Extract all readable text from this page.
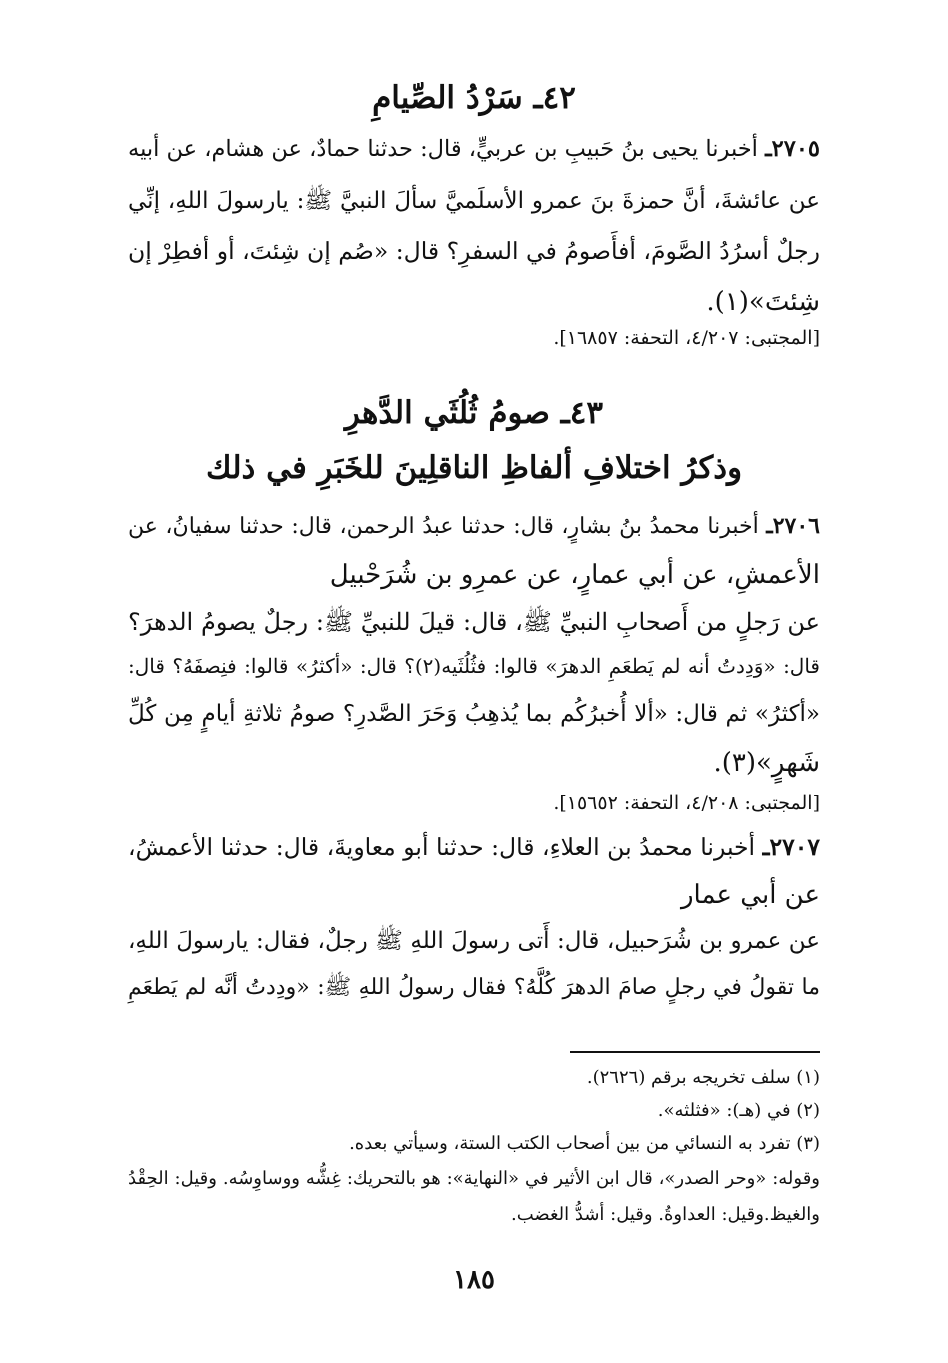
٤٢ـ سَرْدُ الصِّيامِ
٢٧٠٥ـ أخبرنا يحيى بنُ حَبيبِ بن عربيٍّ، قال: حدثنا حمادٌ، عن هشام، عن أبيه
عن عائشةَ، أنَّ حمزةَ بنَ عمرو الأسلَميَّ سألَ النبيَّ ﷺ: يارسولَ اللهِ، إنِّي
رجلٌ أسرُدُ الصَّومَ، أفأَصومُ في السفرِ؟ قال: «صُم إن شِئتَ، أو أفطِرْ إن
شِئتَ»(١).
[المجتبى: ٤/٢٠٧، التحفة: ١٦٨٥٧].
٤٣ـ صومُ ثُلُثَي الدَّهرِ
وذكرُ اختلافِ ألفاظِ الناقلِينَ للخَبَرِ في ذلك
٢٧٠٦ـ أخبرنا محمدُ بنُ بشارٍ، قال: حدثنا عبدُ الرحمن، قال: حدثنا سفيانُ، عن
الأعمشِ، عن أبي عمارٍ، عن عمرِو بن شُرَحْبيل
عن رَجلٍ من أَصحابِ النبيِّ ﷺ، قال: قيلَ للنبيِّ ﷺ: رجلٌ يصومُ الدهرَ؟
قال: «وَدِدتُ أنه لم يَطعَمِ الدهرَ» قالوا: فثُلُثَيه(٢)؟ قال: «أكثرُ» قالوا: فنِصفَهُ؟ قال:
«أكثرُ» ثم قال: «ألا أُخبرُكُم بما يُذهِبُ وَحَرَ الصَّدرِ؟ صومُ ثلاثةِ أيامٍ مِن كُلِّ
شَهرٍ»(٣).
[المجتبى: ٤/٢٠٨، التحفة: ١٥٦٥٢].
٢٧٠٧ـ أخبرنا محمدُ بن العلاءِ، قال: حدثنا أبو معاويةَ، قال: حدثنا الأعمشُ،
عن أبي عمار
عن عمرو بن شُرَحبيل، قال: أَتى رسولَ اللهِ ﷺ رجلٌ، فقال: يارسولَ اللهِ،
ما تقولُ في رجلٍ صامَ الدهرَ كُلَّهُ؟ فقال رسولُ اللهِ ﷺ: «ودِدتُ أنَّه لم يَطعَمِ
(١) سلف تخريجه برقم (٢٦٢٦).
(٢) في (هـ): «فثلثه».
(٣) تفرد به النسائي من بين أصحاب الكتب الستة، وسيأتي بعده.
وقوله: «وحر الصدر»، قال ابن الأثير في «النهاية»: هو بالتحريك: غِشُّه ووساوِسُه. وقيل: الحِقْدُ
والغيظ.وقيل: العداوةُ. وقيل: أشدُّ الغضب.
١٨٥
